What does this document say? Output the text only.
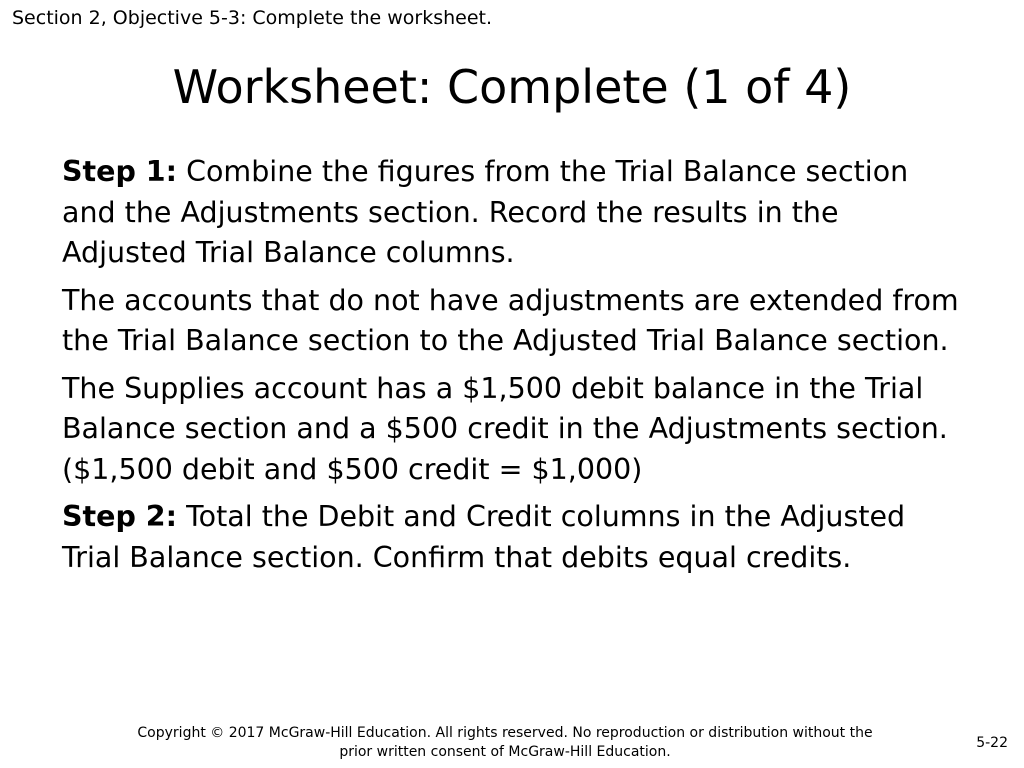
Section 2, Objective 5-3: Complete the worksheet.
Worksheet: Complete (1 of 4)

Step 1: Combine the figures from the Trial Balance section and the Adjustments section. Record the results in the Adjusted Trial Balance columns.

The accounts that do not have adjustments are extended from the Trial Balance section to the Adjusted Trial Balance section.

The Supplies account has a $1,500 debit balance in the Trial Balance section and a $500 credit in the Adjustments section. ($1,500 debit and $500 credit = $1,000)

Step 2: Total the Debit and Credit columns in the Adjusted Trial Balance section. Confirm that debits equal credits.

Copyright © 2017 McGraw-Hill Education. All rights reserved. No reproduction or distribution without the
prior written consent of McGraw-Hill Education.
5-22
